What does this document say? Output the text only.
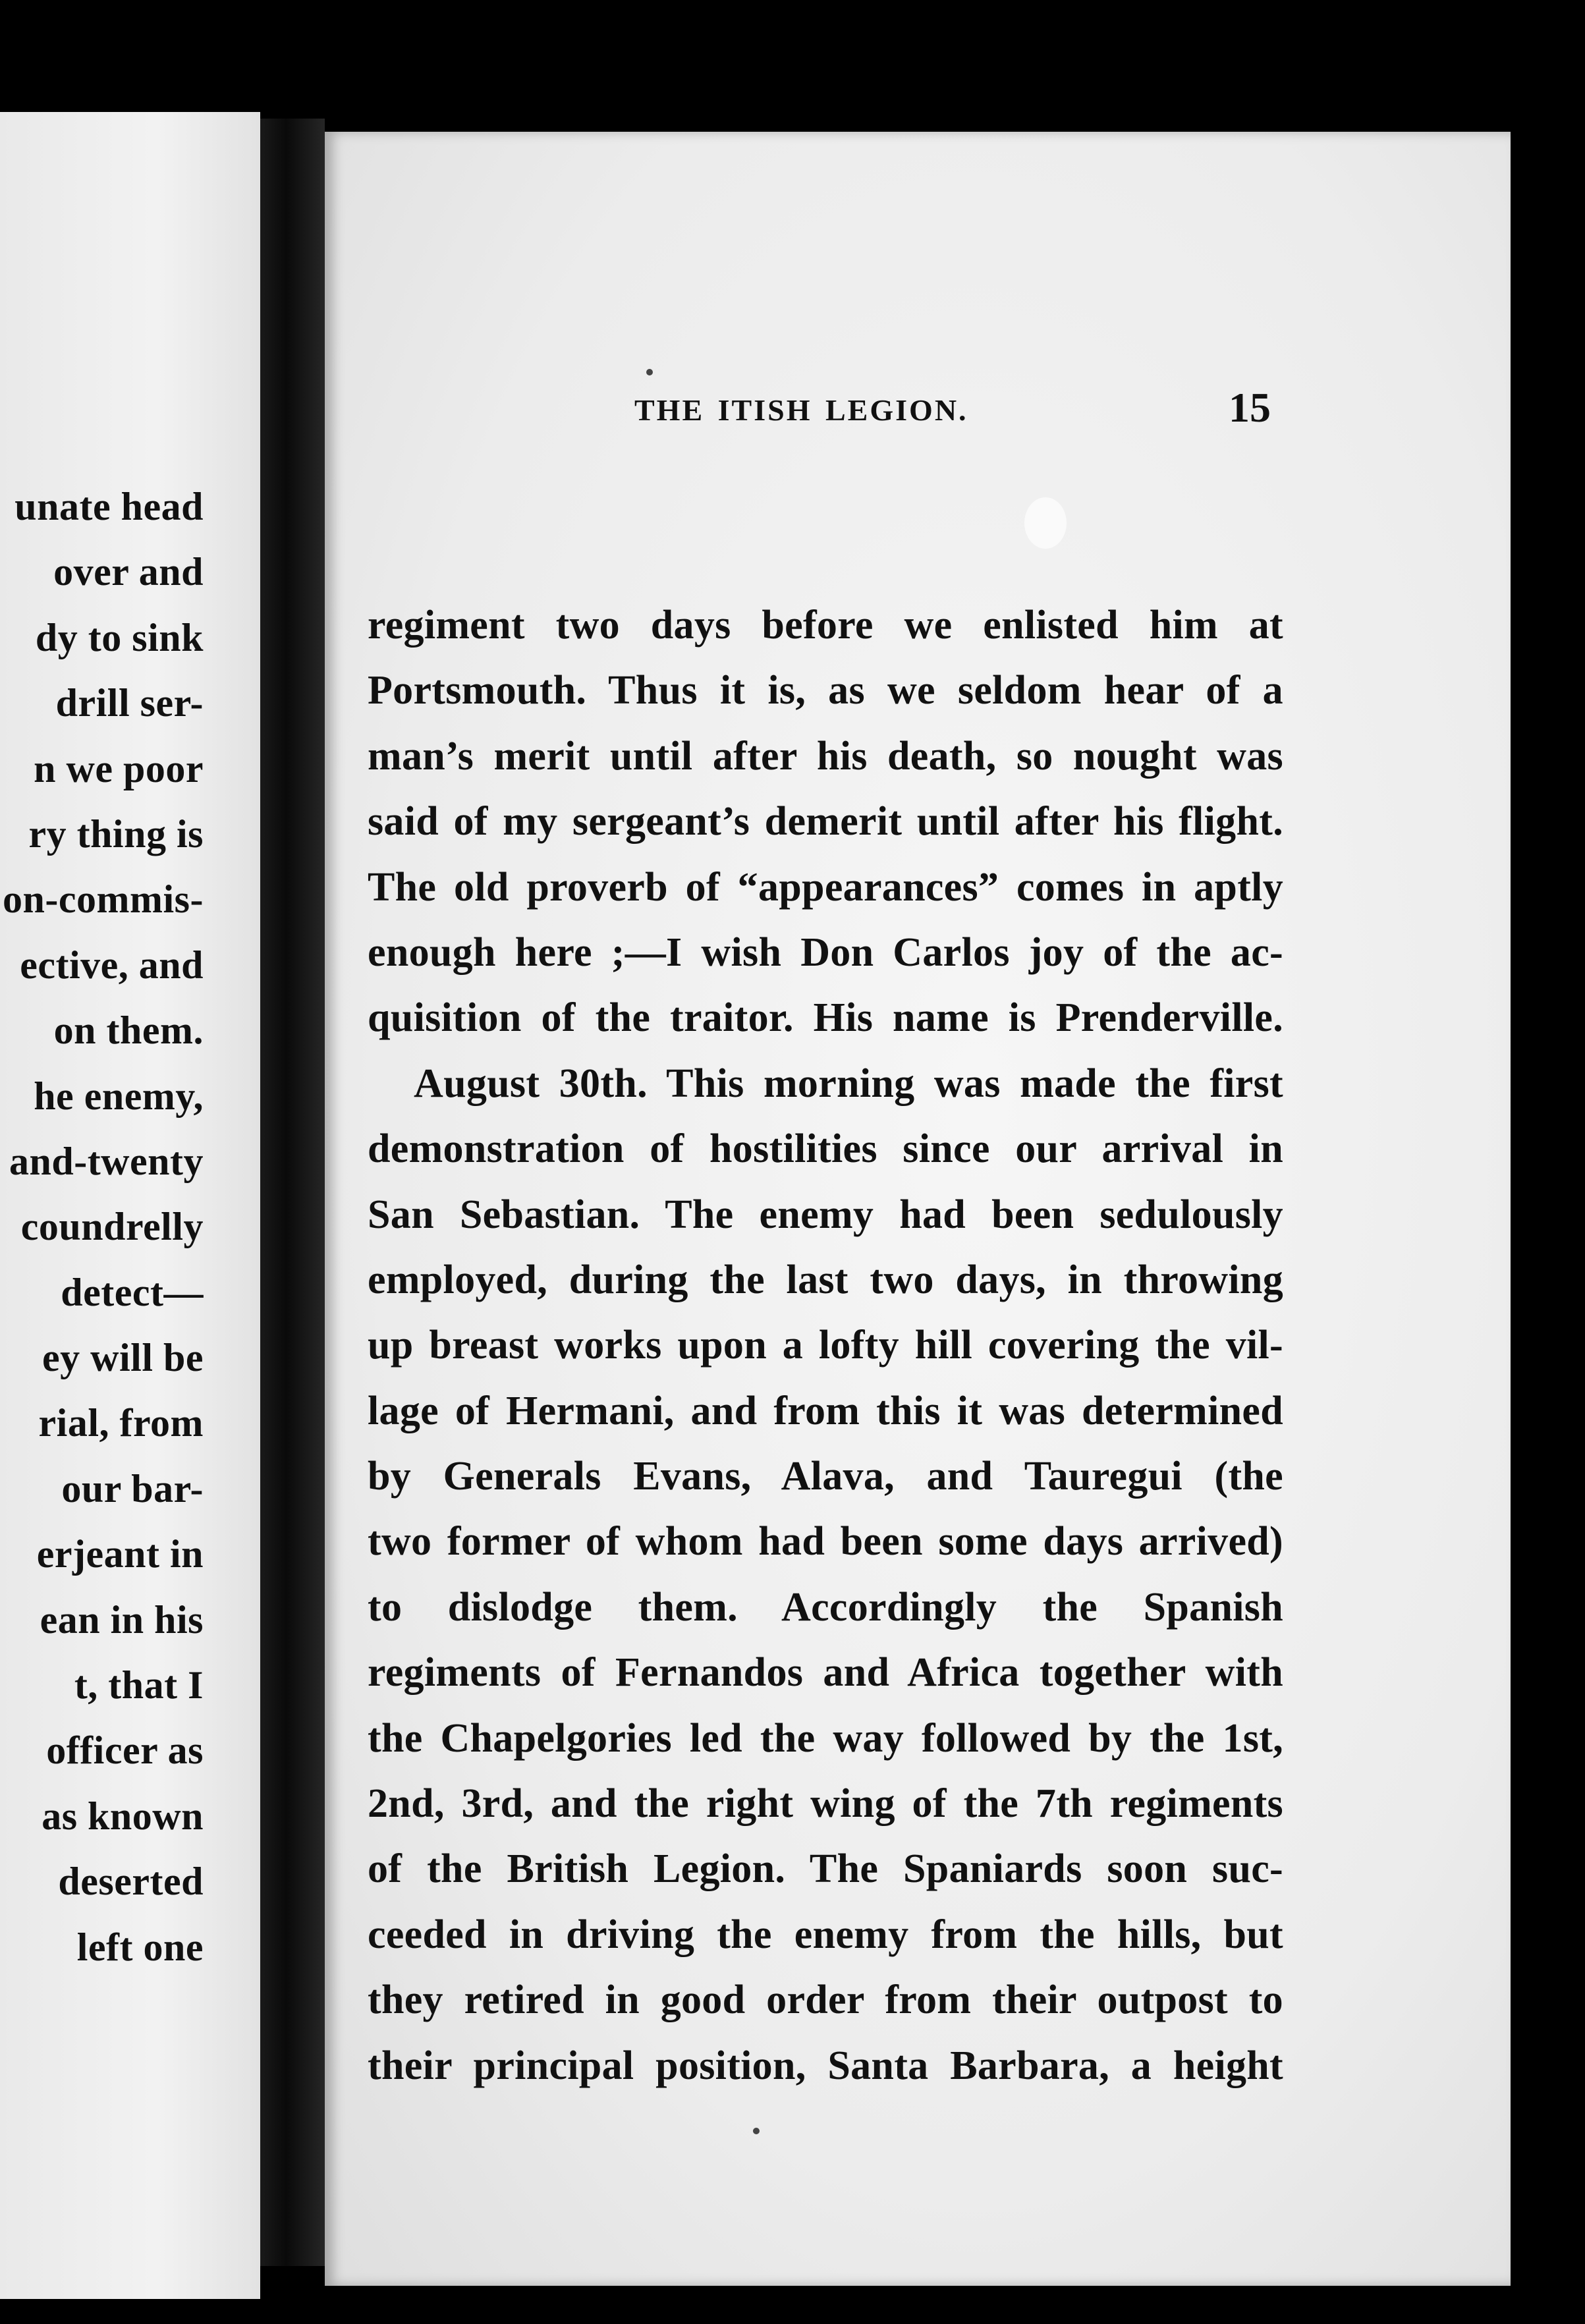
unate head
over and
dy to sink
drill ser-
n we poor
ry thing is
on-commis-
ective, and
on them.
he enemy,
and-twenty
coundrelly
detect—
ey will be
rial, from
our bar-
erjeant in
ean in his
t, that I
officer as
as known
deserted
left one
THE ITISH LEGION.	15
regiment two days before we enlisted him at
Portsmouth. Thus it is, as we seldom hear of a
man’s merit until after his death, so nought was
said of my sergeant’s demerit until after his flight.
The old proverb of “appearances” comes in aptly
enough here ;—I wish Don Carlos joy of the ac-
quisition of the traitor. His name is Prenderville.
August 30th. This morning was made the first
demonstration of hostilities since our arrival in
San Sebastian. The enemy had been sedulously
employed, during the last two days, in throwing
up breast works upon a lofty hill covering the vil-
lage of Hermani, and from this it was determined
by Generals Evans, Alava, and Tauregui (the
two former of whom had been some days arrived)
to dislodge them. Accordingly the Spanish
regiments of Fernandos and Africa together with
the Chapelgories led the way followed by the 1st,
2nd, 3rd, and the right wing of the 7th regiments
of the British Legion. The Spaniards soon suc-
ceeded in driving the enemy from the hills, but
they retired in good order from their outpost to
their principal position, Santa Barbara, a height
